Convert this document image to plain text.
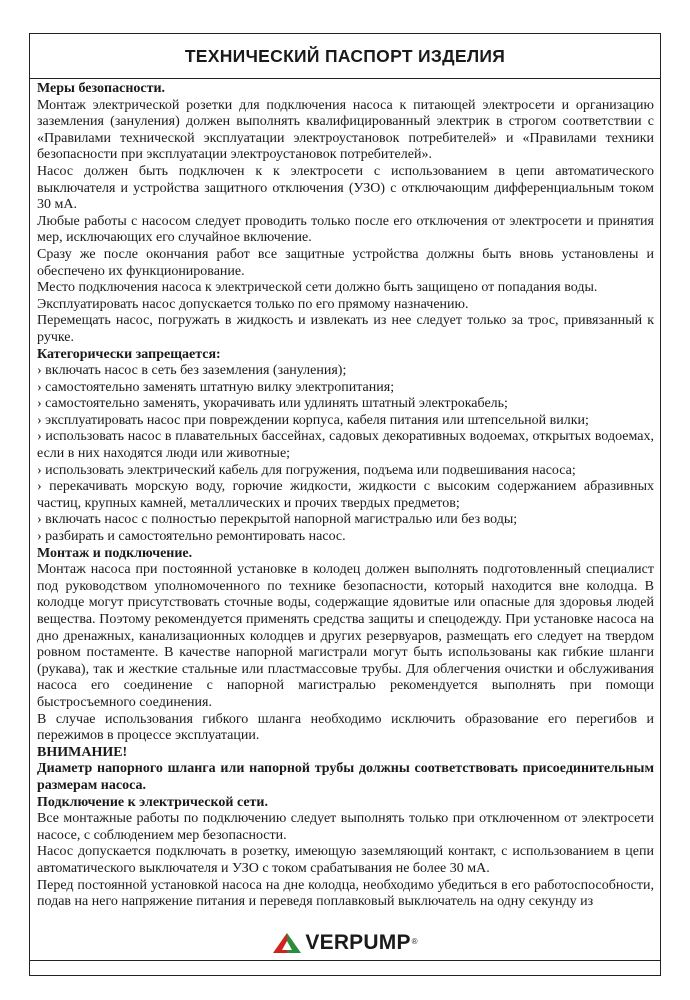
ТЕХНИЧЕСКИЙ ПАСПОРТ ИЗДЕЛИЯ

Меры безопасности.

Монтаж электрической розетки для подключения насоса к питающей электросети и организацию заземления (зануления) должен выполнять квалифицированный электрик в строгом соответствии с «Правилами технической эксплуатации электроустановок потребителей» и «Правилами техники безопасности при эксплуатации электроустановок потребителей».

Насос должен быть подключен к к электросети с использованием в цепи автоматического выключателя и устройства защитного отключения (УЗО) с отключающим дифференциальным током 30 мА.

Любые работы с насосом следует проводить только после его отключения от электросети и принятия мер, исключающих его случайное включение.

Сразу же после окончания работ все защитные устройства должны быть вновь установлены и обеспечено их функционирование.

Место подключения насоса к электрической сети должно быть защищено от попадания воды.

Эксплуатировать насос допускается только по его прямому назначению.

Перемещать насос, погружать в жидкость и извлекать из нее следует только за трос, привязанный к ручке.

Категорически запрещается:

› включать насос в сеть без заземления (зануления);

› самостоятельно заменять штатную вилку электропитания;

› самостоятельно заменять, укорачивать или удлинять штатный электрокабель;

› эксплуатировать насос при повреждении корпуса, кабеля питания или штепсельной вилки;

› использовать насос в плавательных бассейнах, садовых декоративных водоемах, открытых водоемах, если в них находятся люди или животные;

› использовать электрический кабель для погружения, подъема или подвешивания насоса;

› перекачивать морскую воду, горючие жидкости, жидкости с высоким содержанием абразивных частиц, крупных камней, металлических и прочих твердых предметов;

› включать насос с полностью перекрытой напорной магистралью или без воды;

› разбирать и самостоятельно ремонтировать насос.

Монтаж и подключение.

Монтаж насоса при постоянной установке в колодец должен выполнять подготовленный специалист под руководством уполномоченного по технике безопасности, который находится вне колодца. В колодце могут присутствовать сточные воды, содержащие ядовитые или опасные для здоровья людей вещества. Поэтому рекомендуется применять средства защиты и спецодежду. При установке насоса на дно дренажных, канализационных колодцев и других резервуаров, размещать его следует на твердом ровном постаменте. В качестве напорной магистрали могут быть использованы как гибкие шланги (рукава), так и жесткие стальные или пластмассовые трубы. Для облегчения очистки и обслуживания насоса его соединение с напорной магистралью рекомендуется выполнять при помощи быстросъемного соединения.

В случае использования гибкого шланга необходимо исключить образование его перегибов и пережимов в процессе эксплуатации.

ВНИМАНИЕ!

Диаметр напорного шланга или напорной трубы должны соответствовать присоединительным размерам насоса.

Подключение к электрической сети.

Все монтажные работы по подключению следует выполнять только при отключенном от электросети насосе, с соблюдением мер безопасности.

Насос допускается подключать в розетку, имеющую заземляющий контакт, с использованием в цепи автоматического выключателя и УЗО с током срабатывания не более 30 мА.

Перед постоянной установкой насоса на дне колодца, необходимо убедиться в его работоспособности, подав на него напряжение питания и переведя поплавковый выключатель на одну секунду из

VERPUMP ®
